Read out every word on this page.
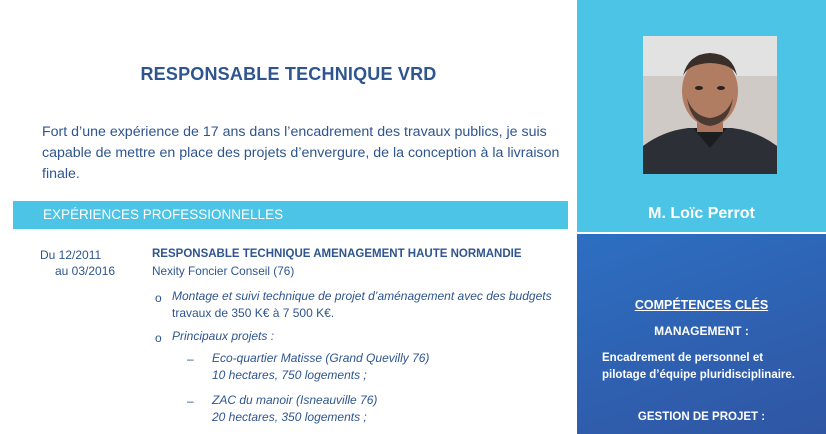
RESPONSABLE TECHNIQUE VRD
Fort d’une expérience de 17 ans dans l’encadrement des travaux publics, je suis capable de mettre en place des projets d’envergure, de la conception à la livraison finale.
EXPÉRIENCES PROFESSIONNELLES
Du 12/2011
au 03/2016
RESPONSABLE TECHNIQUE AMENAGEMENT HAUTE NORMANDIE
Nexity Foncier Conseil (76)
o Montage et suivi technique de projet d’aménagement avec des budgets
travaux de 350 K€ à 7 500 K€.
o Principaux projets :
– Eco-quartier Matisse (Grand Quevilly 76)
10 hectares, 750 logements ;
– ZAC du manoir (Isneauville 76)
20 hectares, 350 logements ;
M. Loïc Perrot
COMPÉTENCES CLÉS
MANAGEMENT :
Encadrement de personnel et pilotage d’équipe pluridisciplinaire.
GESTION DE PROJET :
